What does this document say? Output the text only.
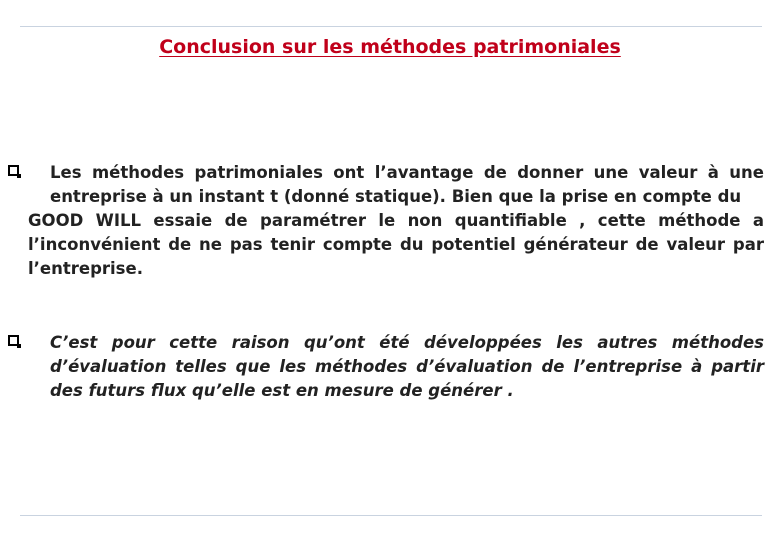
Conclusion sur les méthodes patrimoniales

Les méthodes patrimoniales ont l’avantage de donner une valeur à une entreprise à un instant t (donné statique). Bien que la prise en compte duGOOD WILL essaie de paramétrer le non quantifiable , cette méthode a l’inconvénient de ne pas tenir compte du potentiel générateur de valeur par l’entreprise.

C’est pour cette raison qu’ont été développées les autres méthodes d’évaluation telles que les méthodes d’évaluation de l’entreprise à partir des futurs flux qu’elle est en mesure de générer .
